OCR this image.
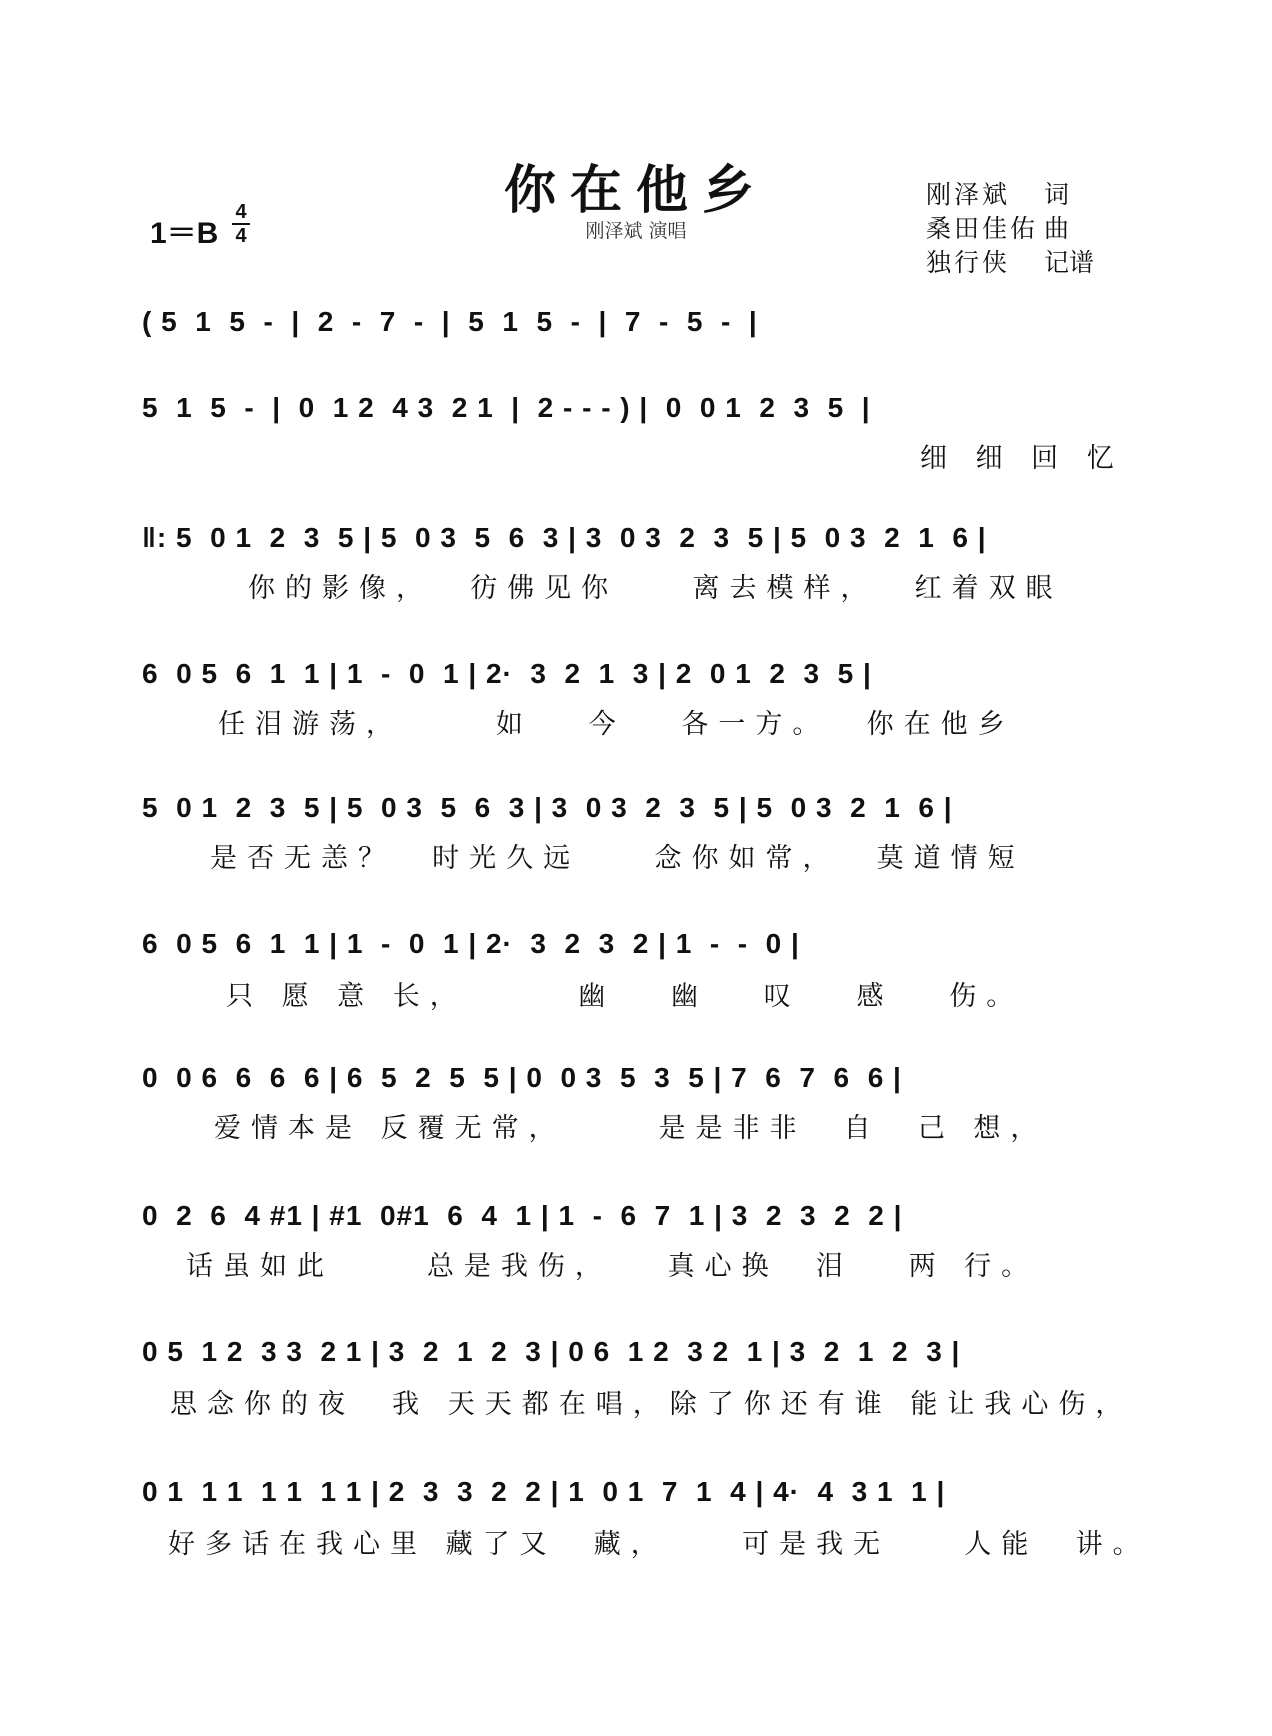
你在他乡
刚泽斌 演唱
1＝B
4
4
刚泽斌	词
桑田佳佑 曲
独行侠	记谱
( 5  1  5  -  |  2  -  7  -  |  5  1  5  -  |  7  -  5  -  |
5  1  5  -  |  0  1 2  4 3  2 1  |  2 - - - ) |  0  0 1  2  3  5  |
细 细 回 忆
‖: 5  0 1  2  3  5 | 5  0 3  5  6  3 | 3  0 3  2  3  5 | 5  0 3  2  1  6 |
你的影像，  彷佛见你    离去模样，  红着双眼
6  0 5  6  1  1 | 1  -  0  1 | 2·  3  2  1  3 | 2  0 1  2  3  5 |
任泪游荡，     如   今   各一方。  你在他乡
5  0 1  2  3  5 | 5  0 3  5  6  3 | 3  0 3  2  3  5 | 5  0 3  2  1  6 |
是否无恙？  时光久远    念你如常，  莫道情短
6  0 5  6  1  1 | 1  -  0  1 | 2·  3  2  3  2 | 1  -  -  0 |
只 愿 意 长，      幽   幽   叹   感   伤。
0  0 6  6  6  6 | 6  5  2  5  5 | 0  0 3  5  3  5 | 7  6  7  6  6 |
爱情本是 反覆无常，     是是非非  自  己 想，
0  2  6  4 #1 | #1  0#1  6  4  1 | 1  -  6  7  1 | 3  2  3  2  2 |
话虽如此     总是我伤，   真心换  泪   两 行。
0 5  1 2  3 3  2 1 | 3  2  1  2  3 | 0 6  1 2  3 2  1 | 3  2  1  2  3 |
思念你的夜  我 天天都在唱，除了你还有谁 能让我心伤，
0 1  1 1  1 1  1 1 | 2  3  3  2  2 | 1  0 1  7  1  4 | 4·  4  3 1  1 |
好多话在我心里 藏了又  藏，    可是我无    人能  讲。
